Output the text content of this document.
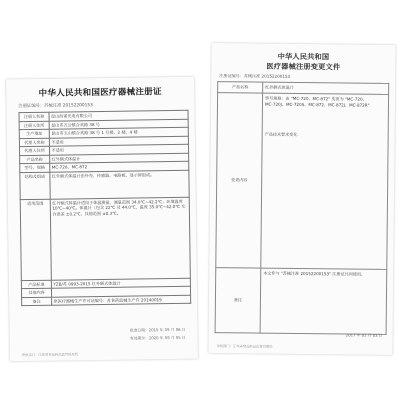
中华人民共和国医疗器械注册证
注册证编号：苏械注准 20152200153
注册人名称	昆山西诺光电有限公司
注册人住所	昆山市五公镇合欢路 38 号
生产地址	昆山市玉山镇合欢路 38 号 1 号楼、2 楼、4 楼
代理人名称	不适用
代理人住所	不适用
产品名称	红外额式体温计
型号、规格	MC-720、MC-872
结构及组成	红外额式体温计由外壳、传感器、电路板、显示屏组成。
适用范围	红外额式体温计适用于体温测量，测量范围 34.0℃~42.2℃；环境温度 10℃~40℃。体温计（包含 22℃ 及 44.0℃，温度 35.0℃~42.0℃ 允许误差 ±0.2℃，其他范围 ±0.3℃。
产品标准	YZB/苏 0993-2015 红外额式体温计
其他内容	
备注	原医疗器械生产许可证编号：苏食药监械生产许 20140019
批准日期：2015 年 09 月 06 日
有效期至：2020 年 09 月 05 日
审批部门：江苏省食品药品监督管理局
中华人民共和国
医疗器械注册变更文件
注册证编号：苏械注准 20152200153
产品名称	红外额式体温计
变更内容	型号规格：由 "MC-720、MC-872" 变更为 "MC-720、
MC-720J、MC-720S、MC-872、MC-872J、MC-872R"
产品技术要求变化

备注	本文件与 "苏械注准 20152200153" 注册证共同使用。
2017 年 01 月 03 日
审批部门：江苏省食品药品监督管理局
